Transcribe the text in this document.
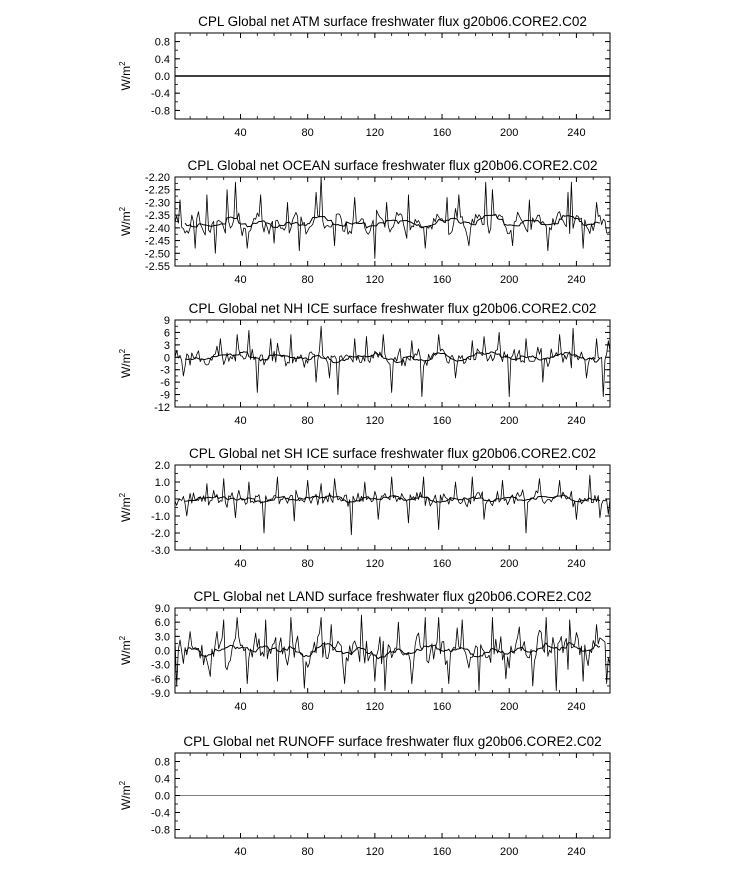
CPL Global net ATM surface freshwater flux g20b06.CORE2.C02
$W/m^2$
40	80	120	160	200	240
0.8
0.4
0.0
-0.4
-0.8
CPL Global net OCEAN surface freshwater flux g20b06.CORE2.C02
$W/m^2$
40	80	120	160	200	240
-2.20
-2.25
-2.30
-2.35
-2.40
-2.45
-2.50
-2.55
CPL Global net NH ICE surface freshwater flux g20b06.CORE2.C02
$W/m^2$
40	80	120	160	200	240
9
6
3
0
-3
-6
-9
-12
CPL Global net SH ICE surface freshwater flux g20b06.CORE2.C02
$W/m^2$
40	80	120	160	200	240
2.0
1.0
0.0
-1.0
-2.0
-3.0
CPL Global net LAND surface freshwater flux g20b06.CORE2.C02
$W/m^2$
40	80	120	160	200	240
9.0
6.0
3.0
0.0
-3.0
-6.0
-9.0
CPL Global net RUNOFF surface freshwater flux g20b06.CORE2.C02
$W/m^2$
40	80	120	160	200	240
0.8
0.4
0.0
-0.4
-0.8
